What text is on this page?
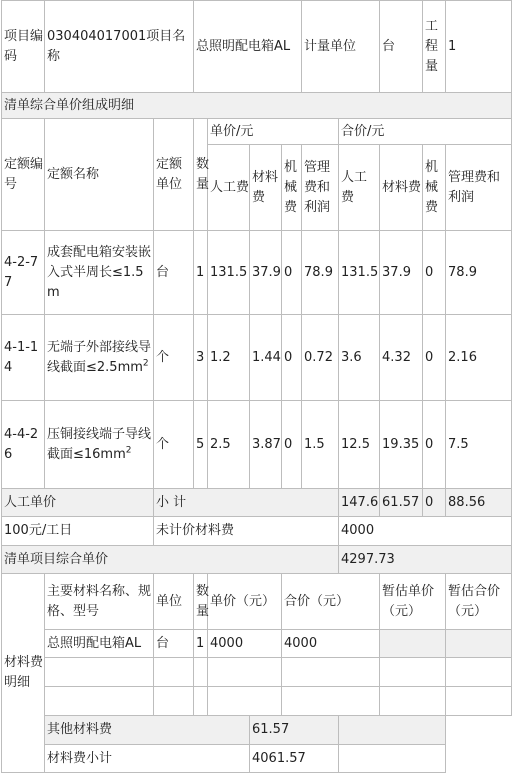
项目编码	030404017001项目名称		总照明配电箱AL				计量单位		台	工程量	1
清单综合单价组成明细											
定额编号	定额名称	定额单位	数量	单价/元				合价/元			
				人工费	材料费	机械费	管理费和利润	人工费	材料费	机械费	管理费和利润
4-2-77	成套配电箱安装嵌入式半周长≤1.5m	台	1	131.5	37.9	0	78.9	131.5	37.9	0	78.9
4-1-14	无端子外部接线导线截面$\le 2.5mm^2$	个	3	1.2	1.44	0	0.72	3.6	4.32	0	2.16
4-4-26	压铜接线端子导线截面$\le 16mm^2$	个	5	2.5	3.87	0	1.5	12.5	19.35	0	7.5
人工单价		小 计						147.6	61.57	0	88.56
100元/工日		未计价材料费						4000			
清单项目综合单价								4297.73			
材料费明细	主要材料名称、规格、型号	单位	数量	单价（元）		合价（元）			暂估单价（元）		暂估合价（元）
	总照明配电箱AL	台	1	4000		4000					

	其他材料费				61.57						
	材料费小计				4061.57						
